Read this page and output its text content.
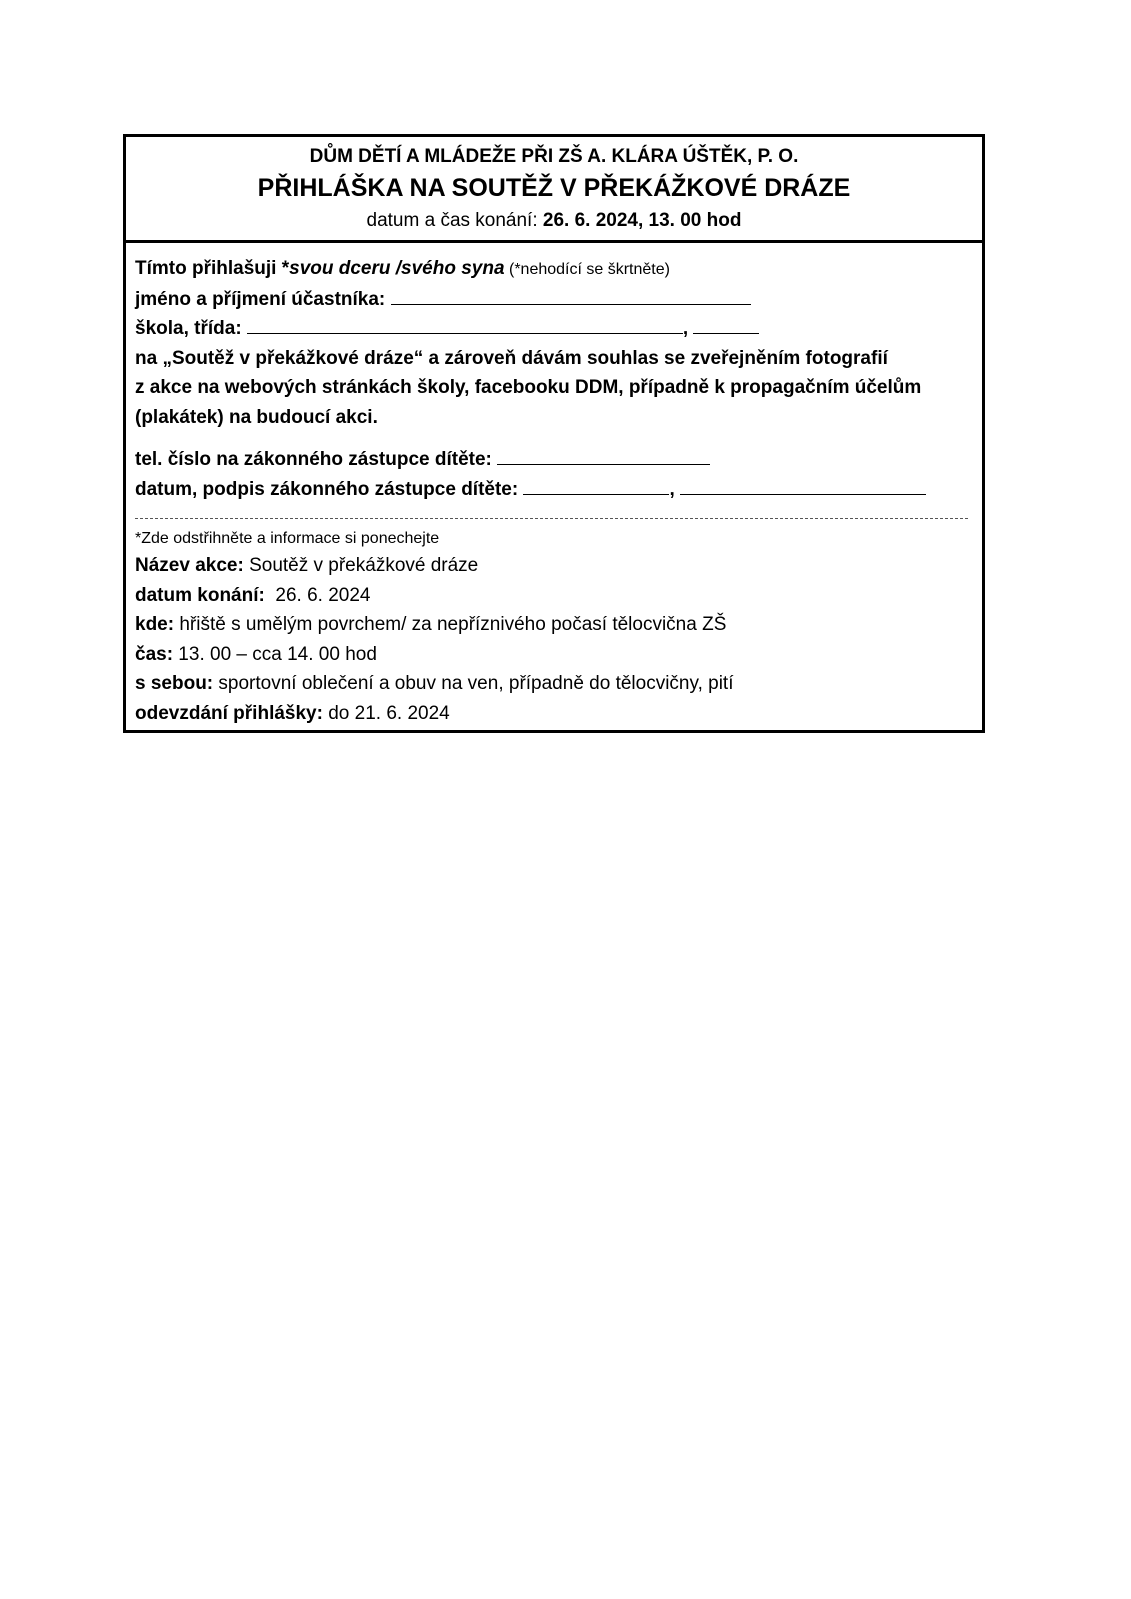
DŮM DĚTÍ A MLÁDEŽE PŘI ZŠ A. KLÁRA ÚŠTĚK, P. O.
PŘIHLÁŠKA NA SOUTĚŽ V PŘEKÁŽKOVÉ DRÁZE
datum a čas konání: 26. 6. 2024, 13. 00 hod
Tímto přihlašuji *svou dceru /svého syna (*nehodící se škrtněte)
jméno a příjmení účastníka:
škola, třída:	,
na „Soutěž v překážkové dráze“ a zároveň dávám souhlas se zveřejněním fotografií
z akce na webových stránkách školy, facebooku DDM, případně k propagačním účelům
(plakátek) na budoucí akci.
tel. číslo na zákonného zástupce dítěte:
datum, podpis zákonného zástupce dítěte:	,
*Zde odstřihněte a informace si ponechejte
Název akce: Soutěž v překážkové dráze
datum konání:  26. 6. 2024
kde: hřiště s umělým povrchem/ za nepříznivého počasí tělocvična ZŠ
čas: 13. 00 – cca 14. 00 hod
s sebou: sportovní oblečení a obuv na ven, případně do tělocvičny, pití
odevzdání přihlášky: do 21. 6. 2024
